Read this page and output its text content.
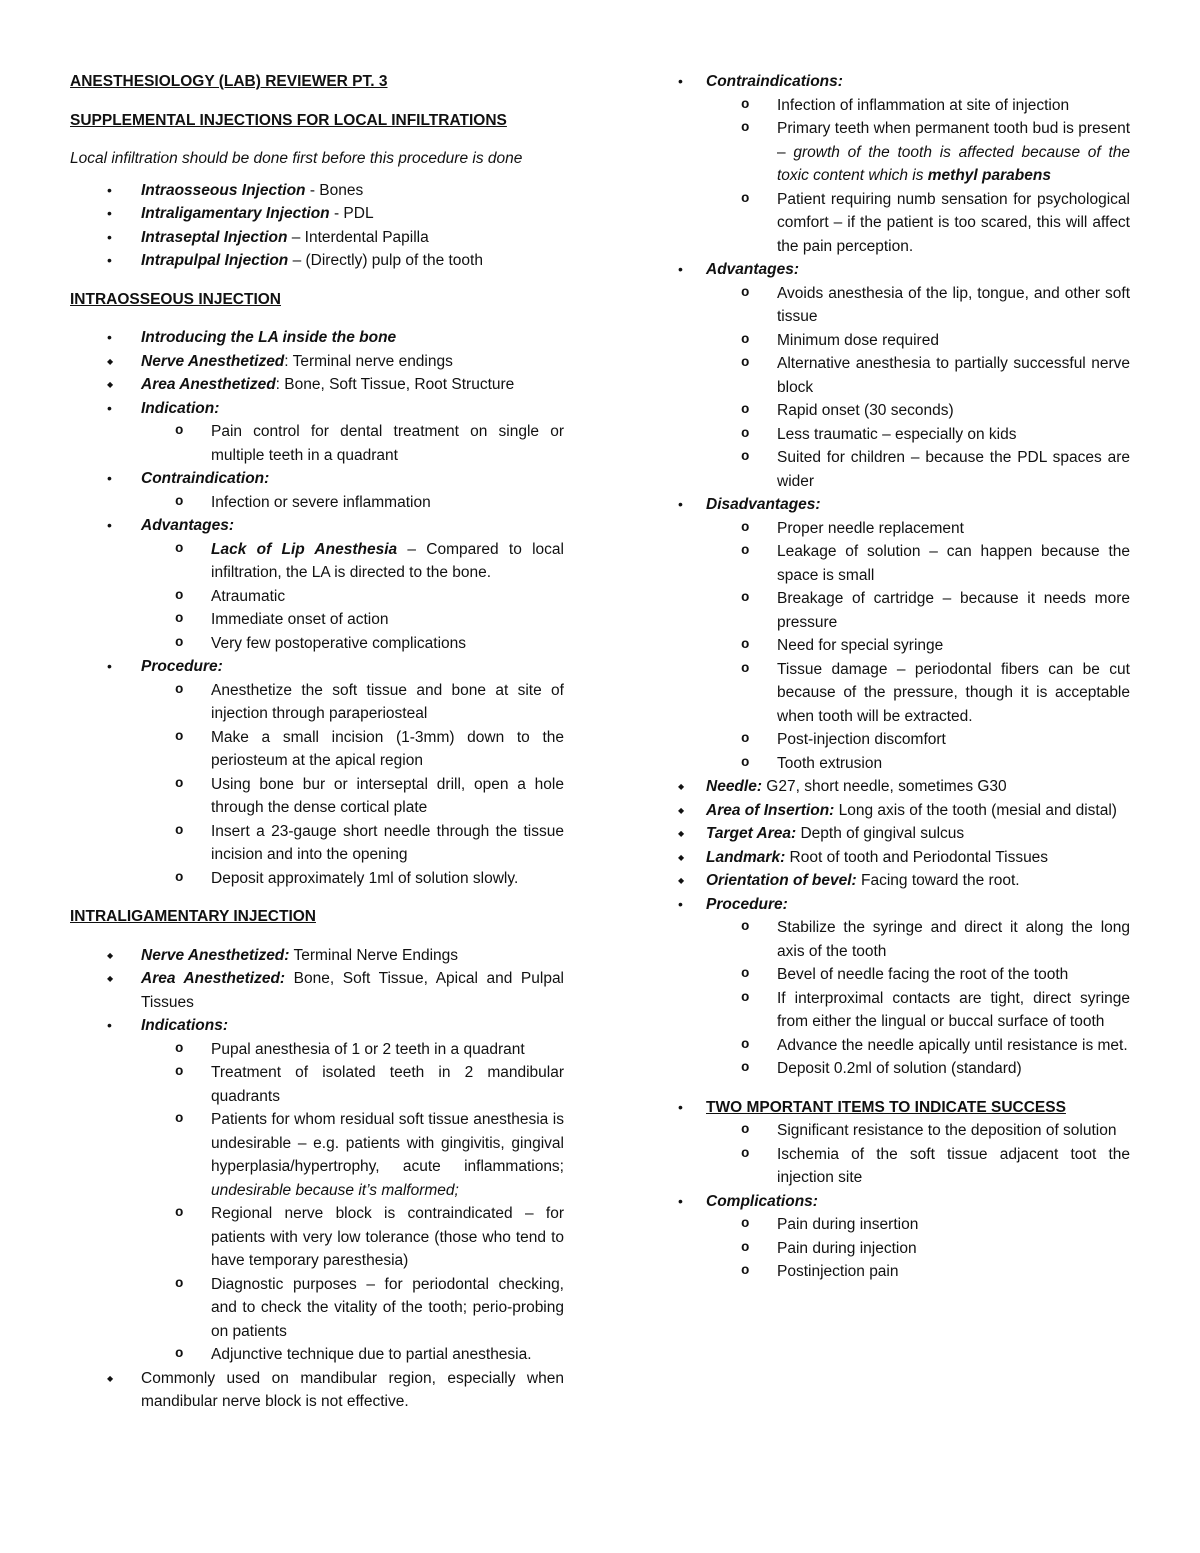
ANESTHESIOLOGY (LAB) REVIEWER PT. 3

SUPPLEMENTAL INJECTIONS FOR LOCAL INFILTRATIONS

Local infiltration should be done first before this procedure is done

•
Intraosseous Injection - Bones
•
Intraligamentary Injection - PDL
•
Intraseptal Injection – Interdental Papilla
•
Intrapulpal Injection – (Directly) pulp of the tooth

INTRAOSSEOUS INJECTION

•
Introducing the LA inside the bone
◆
Nerve Anesthetized: Terminal nerve endings
◆
Area Anesthetized: Bone, Soft Tissue, Root Structure
•
Indication:
o	Pain control for dental treatment on single or multiple teeth in a quadrant
•
Contraindication:
o	Infection or severe inflammation
•
Advantages:
o	Lack of Lip Anesthesia – Compared to local infiltration, the LA is directed to the bone.
o	Atraumatic
o	Immediate onset of action
o	Very few postoperative complications
•
Procedure:
o	Anesthetize the soft tissue and bone at site of injection through paraperiosteal
o	Make a small incision (1-3mm) down to the periosteum at the apical region
o	Using bone bur or interseptal drill, open a hole through the dense cortical plate
o	Insert a 23-gauge short needle through the tissue incision and into the opening
o	Deposit approximately 1ml of solution slowly.

INTRALIGAMENTARY INJECTION

◆
Nerve Anesthetized: Terminal Nerve Endings
◆
Area Anesthetized: Bone, Soft Tissue, Apical and Pulpal Tissues
•
Indications:
o	Pupal anesthesia of 1 or 2 teeth in a quadrant
o	Treatment of isolated teeth in 2 mandibular quadrants
o	Patients for whom residual soft tissue anesthesia is undesirable – e.g. patients with gingivitis, gingival hyperplasia/hypertrophy, acute inflammations; undesirable because it’s malformed;
o	Regional nerve block is contraindicated – for patients with very low tolerance (those who tend to have temporary paresthesia)
o	Diagnostic purposes – for periodontal checking, and to check the vitality of the tooth; perio-probing on patients
o	Adjunctive technique due to partial anesthesia.
◆
Commonly used on mandibular region, especially when mandibular nerve block is not effective.
•
Contraindications:
o	Infection of inflammation at site of injection
o	Primary teeth when permanent tooth bud is present – growth of the tooth is affected because of the toxic content which is methyl parabens
o	Patient requiring numb sensation for psychological comfort – if the patient is too scared, this will affect the pain perception.
•
Advantages:
o	Avoids anesthesia of the lip, tongue, and other soft tissue
o	Minimum dose required
o	Alternative anesthesia to partially successful nerve block
o	Rapid onset (30 seconds)
o	Less traumatic – especially on kids
o	Suited for children – because the PDL spaces are wider
•
Disadvantages:
o	Proper needle replacement
o	Leakage of solution – can happen because the space is small
o	Breakage of cartridge – because it needs more pressure
o	Need for special syringe
o	Tissue damage – periodontal fibers can be cut because of the pressure, though it is acceptable when tooth will be extracted.
o	Post-injection discomfort
o	Tooth extrusion
◆
Needle: G27, short needle, sometimes G30
◆
Area of Insertion: Long axis of the tooth (mesial and distal)
◆
Target Area: Depth of gingival sulcus
◆
Landmark: Root of tooth and Periodontal Tissues
◆
Orientation of bevel: Facing toward the root.
•
Procedure:
o	Stabilize the syringe and direct it along the long axis of the tooth
o	Bevel of needle facing the root of the tooth
o	If interproximal contacts are tight, direct syringe from either the lingual or buccal surface of tooth
o	Advance the needle apically until resistance is met.
o	Deposit 0.2ml of solution (standard)
•
TWO MPORTANT ITEMS TO INDICATE SUCCESS
o	Significant resistance to the deposition of solution
o	Ischemia of the soft tissue adjacent toot the injection site
•
Complications:
o	Pain during insertion
o	Pain during injection
o	Postinjection pain
